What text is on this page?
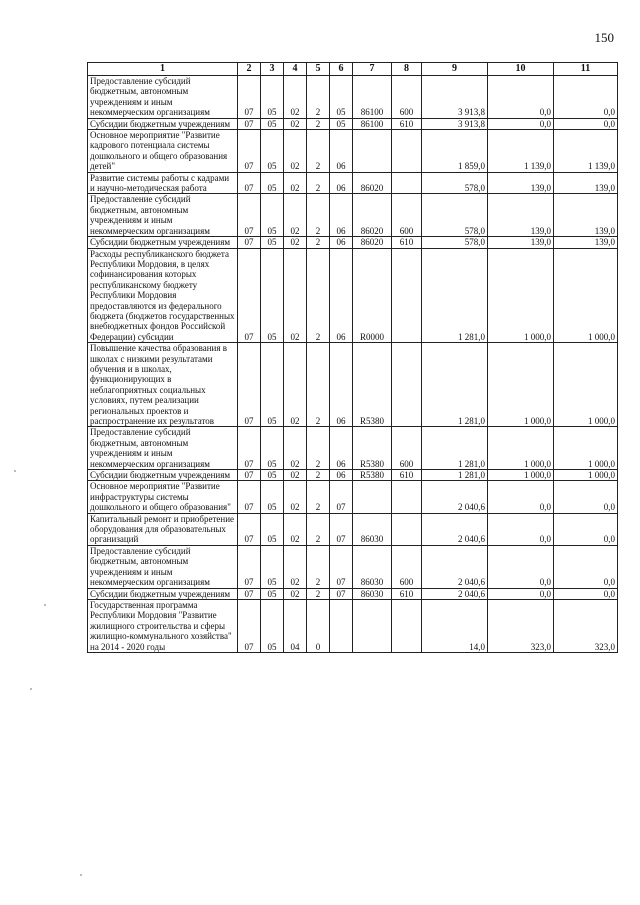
150
1	2	3	4	5	6	7	8	9	10	11
Предоставление субсидий бюджетным, автономным учреждениям и иным некоммерческим организациям	07	05	02	2	05	86100	600	3 913,8	0,0	0,0
Субсидии бюджетным учреждениям	07	05	02	2	05	86100	610	3 913,8	0,0	0,0
Основное мероприятие "Развитие кадрового потенциала системы дошкольного и общего образования детей"	07	05	02	2	06			1 859,0	1 139,0	1 139,0
Развитие системы работы с кадрами и научно-методическая работа	07	05	02	2	06	86020		578,0	139,0	139,0
Предоставление субсидий бюджетным, автономным учреждениям и иным некоммерческим организациям	07	05	02	2	06	86020	600	578,0	139,0	139,0
Субсидии бюджетным учреждениям	07	05	02	2	06	86020	610	578,0	139,0	139,0
Расходы республиканского бюджета Республики Мордовия, в целях софинансирования которых республиканскому бюджету Республики Мордовия предоставляются из федерального бюджета (бюджетов государственных внебюджетных фондов Российской Федерации) субсидии	07	05	02	2	06	R0000		1 281,0	1 000,0	1 000,0
Повышение качества образования в школах с низкими результатами обучения и в школах, функционирующих в неблагоприятных социальных условиях, путем реализации региональных проектов и распространение их результатов	07	05	02	2	06	R5380		1 281,0	1 000,0	1 000,0
Предоставление субсидий бюджетным, автономным учреждениям и иным некоммерческим организациям	07	05	02	2	06	R5380	600	1 281,0	1 000,0	1 000,0
Субсидии бюджетным учреждениям	07	05	02	2	06	R5380	610	1 281,0	1 000,0	1 000,0
Основное мероприятие "Развитие инфраструктуры системы дошкольного и общего образования"	07	05	02	2	07			2 040,6	0,0	0,0
Капитальный ремонт и приобретение оборудования для образовательных организаций	07	05	02	2	07	86030		2 040,6	0,0	0,0
Предоставление субсидий бюджетным, автономным учреждениям и иным некоммерческим организациям	07	05	02	2	07	86030	600	2 040,6	0,0	0,0
Субсидии бюджетным учреждениям	07	05	02	2	07	86030	610	2 040,6	0,0	0,0
Государственная программа Республики Мордовия "Развитие жилищного строительства и сферы жилищно-коммунального хозяйства" на 2014 - 2020 годы	07	05	04	0				14,0	323,0	323,0
